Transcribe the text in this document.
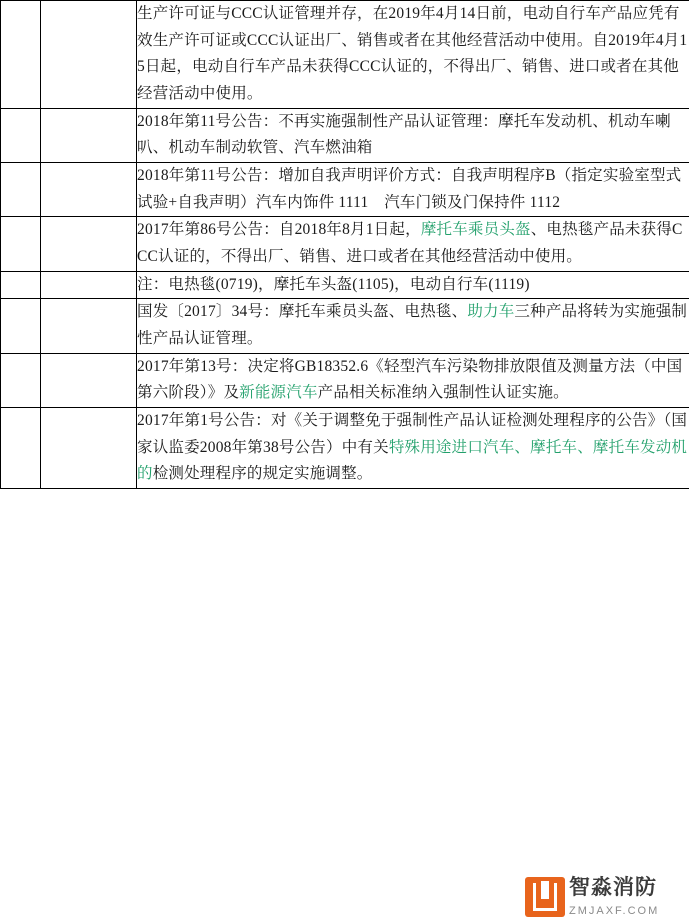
		生产许可证与CCC认证管理并存，在2019年4月14日前，电动自行车产品应凭有效生产许可证或CCC认证出厂、销售或者在其他经营活动中使用。自2019年4月15日起，电动自行车产品未获得CCC认证的，不得出厂、销售、进口或者在其他经营活动中使用。

		2018年第11号公告：不再实施强制性产品认证管理：摩托车发动机、机动车喇叭、机动车制动软管、汽车燃油箱

		2018年第11号公告：增加自我声明评价方式：自我声明程序B（指定实验室型式试验+自我声明）汽车内饰件 1111　汽车门锁及门保持件 1112

		2017年第86号公告：自2018年8月1日起，摩托车乘员头盔、电热毯产品未获得CCC认证的，不得出厂、销售、进口或者在其他经营活动中使用。

		注：电热毯(0719)，摩托车头盔(1105)，电动自行车(1119)

		国发〔2017〕34号：摩托车乘员头盔、电热毯、助力车三种产品将转为实施强制性产品认证管理。

		2017年第13号：决定将GB18352.6《轻型汽车污染物排放限值及测量方法（中国第六阶段）》及新能源汽车产品相关标准纳入强制性认证实施。

		2017年第1号公告：对《关于调整免于强制性产品认证检测处理程序的公告》（国家认监委2008年第38号公告）中有关特殊用途进口汽车、摩托车、摩托车发动机的检测处理程序的规定实施调整。
智淼消防
ZMJAXF.COM
